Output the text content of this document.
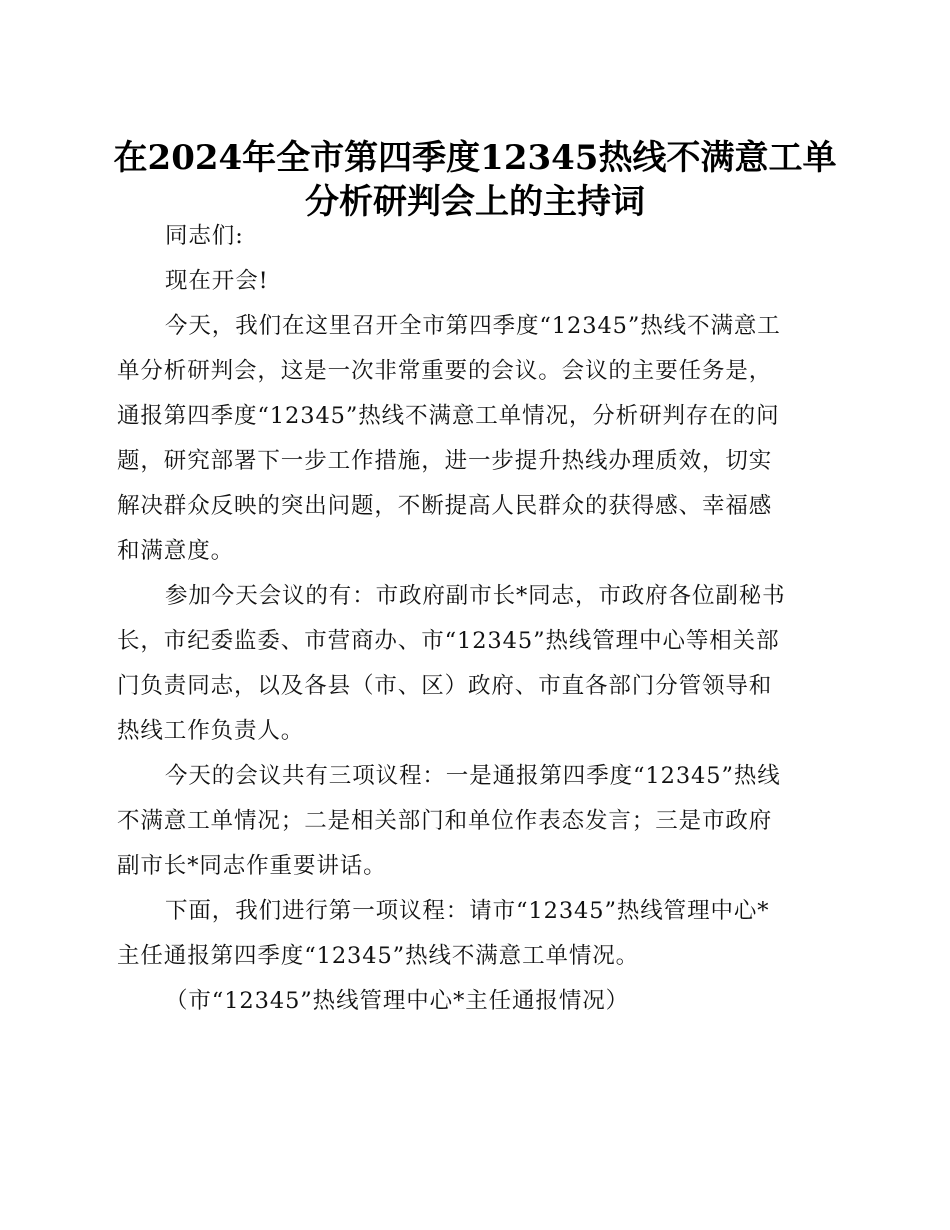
在2024年全市第四季度12345热线不满意工单
分析研判会上的主持词
同志们:
现在开会!
今天，我们在这里召开全市第四季度“12345”热线不满意工
单分析研判会，这是一次非常重要的会议。会议的主要任务是，
通报第四季度“12345”热线不满意工单情况，分析研判存在的问
题，研究部署下一步工作措施，进一步提升热线办理质效，切实
解决群众反映的突出问题，不断提高人民群众的获得感、幸福感
和满意度。
参加今天会议的有：市政府副市长*同志，市政府各位副秘书
长，市纪委监委、市营商办、市“12345”热线管理中心等相关部
门负责同志，以及各县（市、区）政府、市直各部门分管领导和
热线工作负责人。
今天的会议共有三项议程：一是通报第四季度“12345”热线
不满意工单情况；二是相关部门和单位作表态发言；三是市政府
副市长*同志作重要讲话。
下面，我们进行第一项议程：请市“12345”热线管理中心*
主任通报第四季度“12345”热线不满意工单情况。
（市“12345”热线管理中心*主任通报情况）
